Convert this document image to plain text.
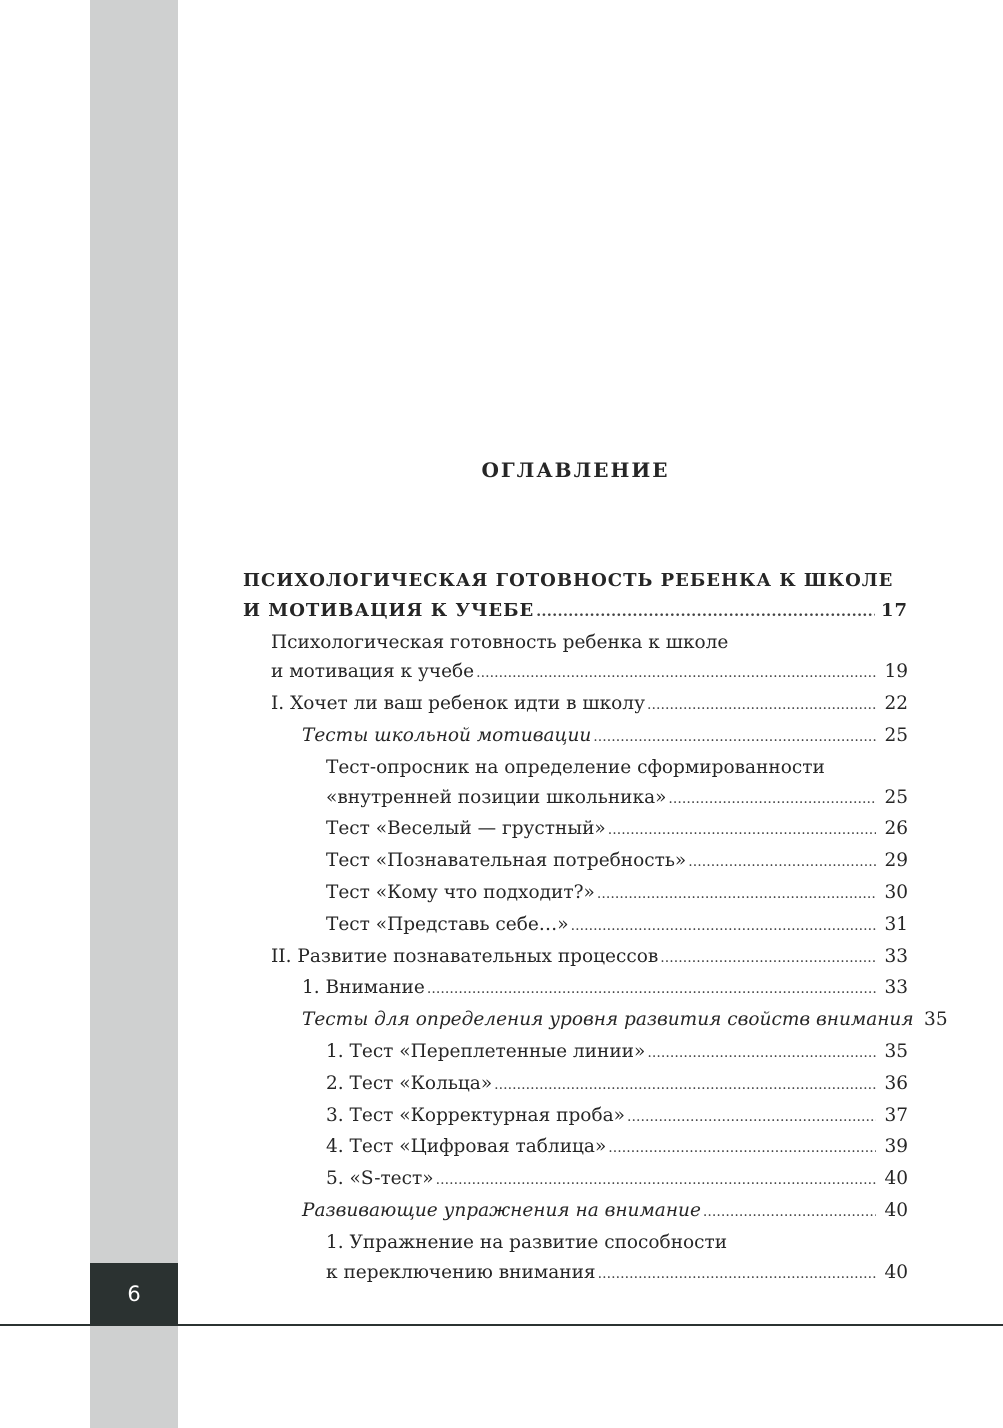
6
ОГЛАВЛЕНИЕ
ПСИХОЛОГИЧЕСКАЯ ГОТОВНОСТЬ РЕБЕНКА К ШКОЛЕ
И МОТИВАЦИЯ К УЧЕБЕ . . .	17
Психологическая готовность ребенка к школе
и мотивация к учебе . . .	19
I. Хочет ли ваш ребенок идти в школу . . .	22
Тесты школьной мотивации . . .	25
Тест-опросник на определение сформированности
«внутренней позиции школьника» . . .	25
Тест «Веселый — грустный» . . .	26
Тест «Познавательная потребность» . . .	29
Тест «Кому что подходит?» . . .	30
Тест «Представь себе…» . . .	31
II. Развитие познавательных процессов . . .	33
1. Внимание . . .	33
Тесты для определения уровня развития свойств внимания 35
1. Тест «Переплетенные линии» . . .	35
2. Тест «Кольца» . . .	36
3. Тест «Корректурная проба» . . .	37
4. Тест «Цифровая таблица» . . .	39
5. «S-тест» . . .	40
Развивающие упражнения на внимание . . .	40
1. Упражнение на развитие способности
к переключению внимания . . .	40
